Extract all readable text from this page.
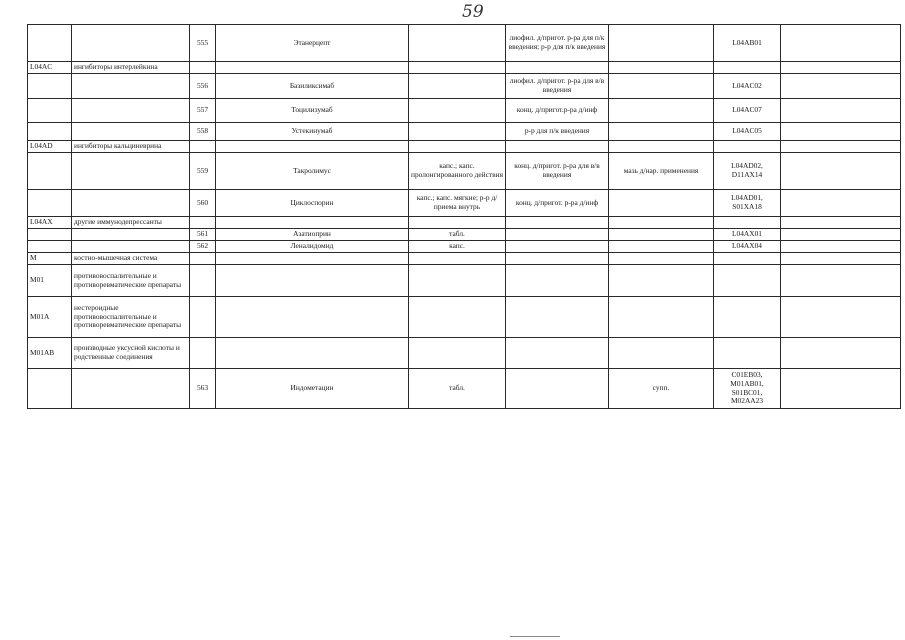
59
		555	Этанерцепт		лиофил. д/пригот. р-ра для п/к введения; р-р для п/к введения		L04AB01	
L04AC	ингибиторы интерлейкина							
		556	Базиликсимаб		лиофил. д/пригот. р-ра для в/в введения		L04AC02	
		557	Тоцилизумаб		конц. д/пригот.р-ра д/инф		L04AC07	
		558	Устекинумаб		р-р для п/к введения		L04AC05	
L04AD	ингибиторы кальциневрина							
		559	Такролимус	капс.; капс. пролонгированного действия	конц. д/пригот. р-ра для в/в введения	мазь д/нар. применения	L04AD02, D11AX14	
		560	Циклоспорин	капс.; капс. мягкие; р-р д/приема внутрь	конц. д/пригот. р-ра д/инф		L04AD01, S01XA18	
L04AX	другие иммунодепрессанты							
		561	Азатиоприн	табл.			L04AX01	
		562	Леналидомид	капс.			L04AX04	
M	костно-мышечная система							
M01	противовоспалительные и противоревматические препараты							
M01A	нестероидные противовоспалительные и противоревматические препараты							
M01AB	производные уксусной кислоты и родственные соединения							
		563	Индометацин	табл.		супп.	C01EB03, M01AB01, S01BC01, M02AA23	
